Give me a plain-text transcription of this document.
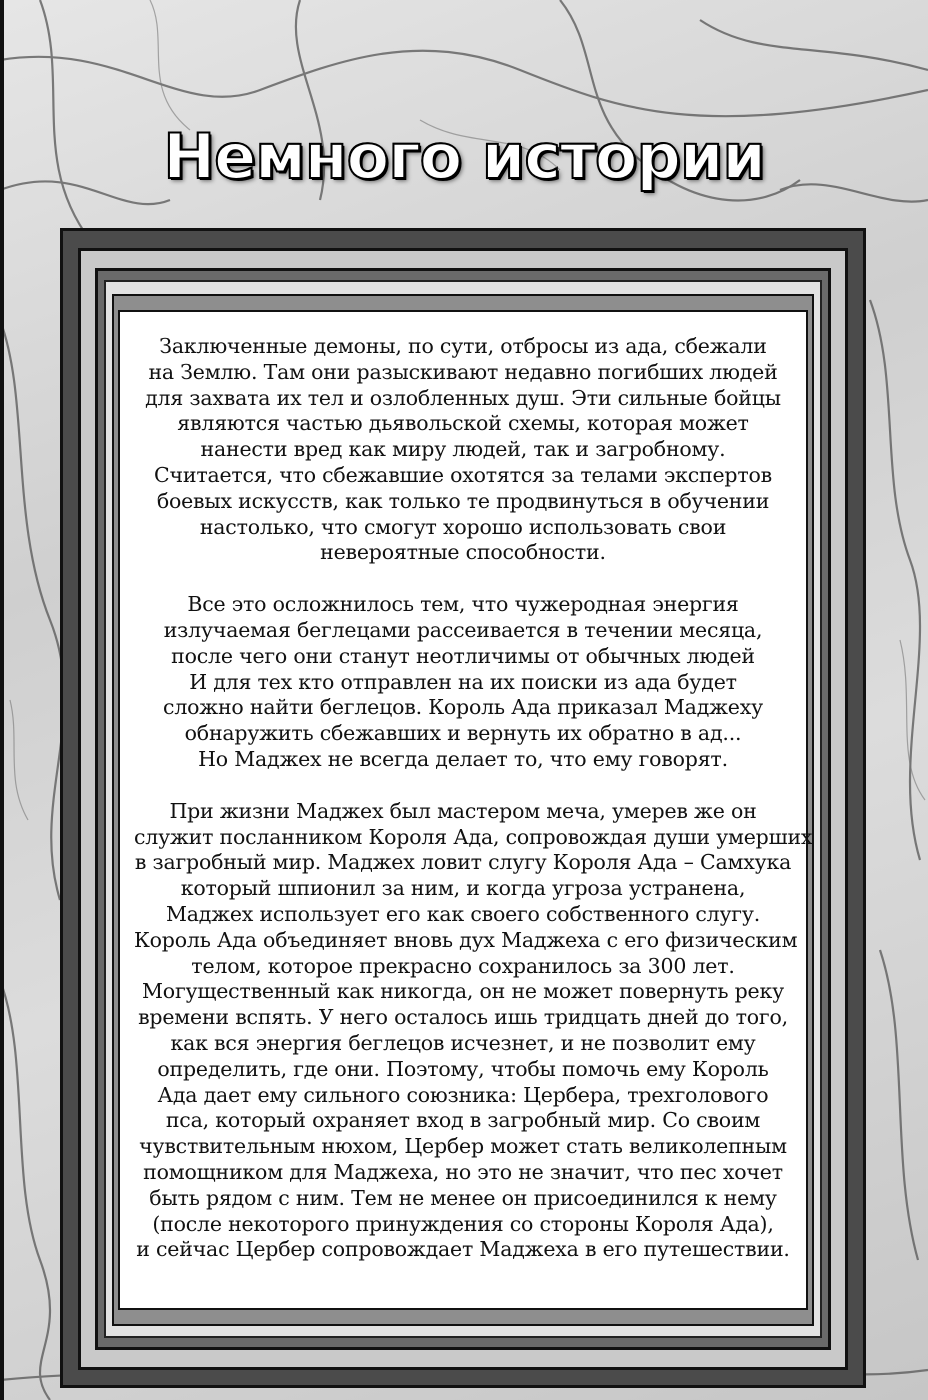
Немного истории

Заключенные демоны, по сути, отбросы из ада, сбежали
на Землю. Там они разыскивают недавно погибших людей
для захвата их тел и озлобленных душ. Эти сильные бойцы
являются частью дьявольской схемы, которая может
нанести вред как миру людей, так и загробному.
Считается, что сбежавшие охотятся за телами экспертов
боевых искусств, как только те продвинуться в обучении
настолько, что смогут хорошо использовать свои
невероятные способности.

Все это осложнилось тем, что чужеродная энергия
излучаемая беглецами рассеивается в течении месяца,
после чего они станут неотличимы от обычных людей
И для тех кто отправлен на их поиски из ада будет
сложно найти беглецов. Король Ада приказал Маджеху
обнаружить сбежавших и вернуть их обратно в ад...
Но Маджех не всегда делает то, что ему говорят.

При жизни Маджех был мастером меча, умерев же он
служит посланником Короля Ада, сопровождая души умерших
в загробный мир. Маджех ловит слугу Короля Ада – Самхука
который шпионил за ним, и когда угроза устранена,
Маджех использует его как своего собственного слугу.
Король Ада объединяет вновь дух Маджеха с его физическим
телом, которое прекрасно сохранилось за 300 лет.
Могущественный как никогда, он не может повернуть реку
времени вспять. У него осталось ишь тридцать дней до того,
как вся энергия беглецов исчезнет, и не позволит ему
определить, где они. Поэтому, чтобы помочь ему Король
Ада дает ему сильного союзника: Цербера, трехголового
пса, который охраняет вход в загробный мир. Со своим
чувствительным нюхом, Цербер может стать великолепным
помощником для Маджеха, но это не значит, что пес хочет
быть рядом с ним. Тем не менее он присоединился к нему
(после некоторого принуждения со стороны Короля Ада),
и сейчас Цербер сопровождает Маджеха в его путешествии.
